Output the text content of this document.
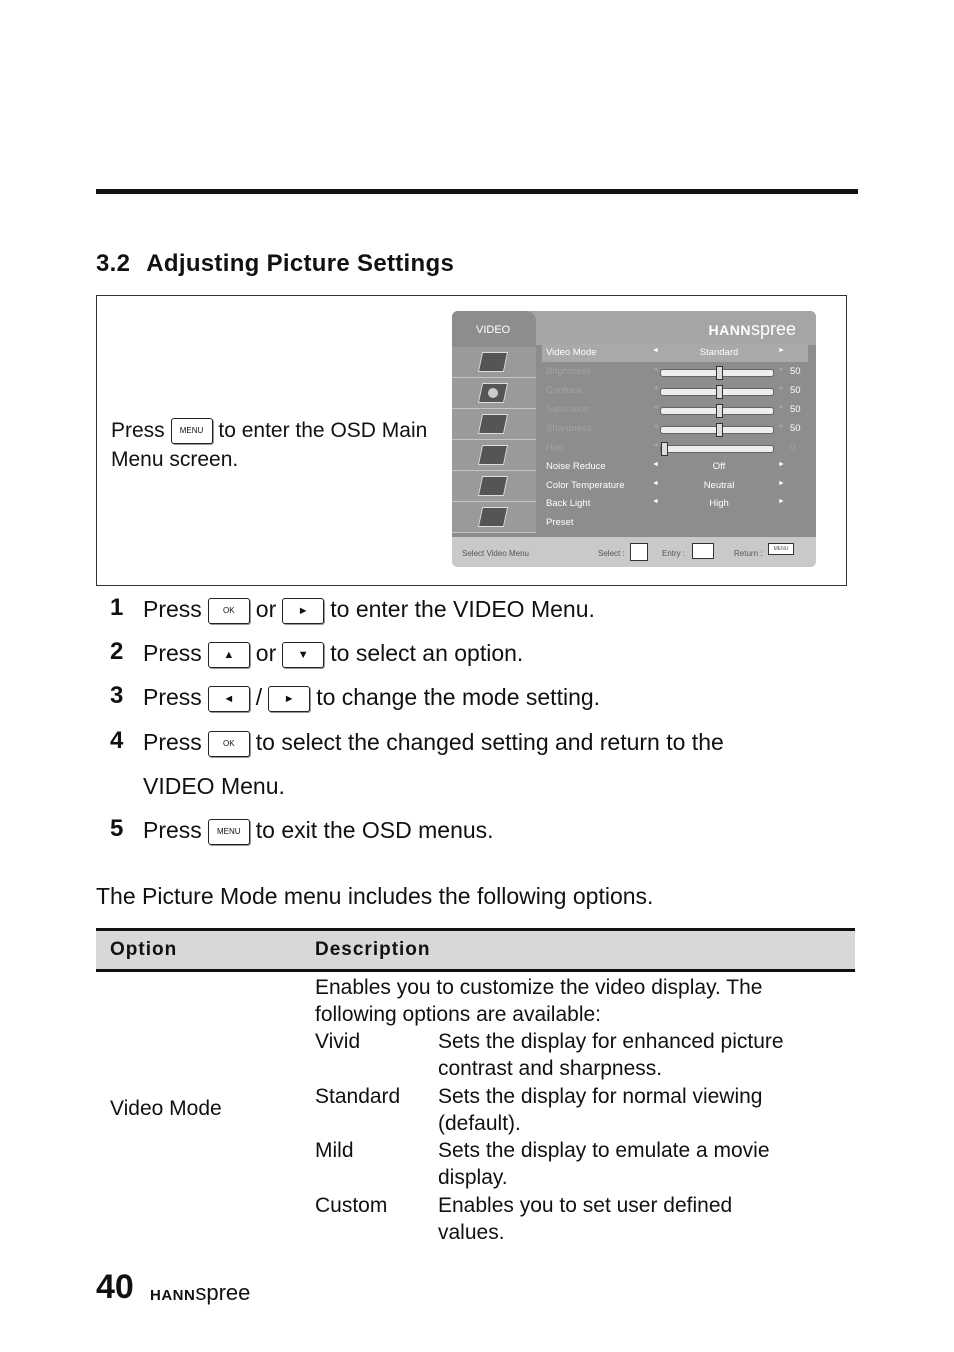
3.2 Adjusting Picture Settings
Press MENU to enter the OSD Main Menu screen.
VIDEO	HANNspree
Video Mode	◄	Standard	►
Brightness	◄	► 50
Contrast	◄	► 50
Saturation	◄	► 50
Sharpness	◄	► 50
Hue	◄	0
Noise Reduce	◄	Off	►
Color Temperature	◄	Neutral	►
Back Light	◄	High	►
Preset
Select Video Menu	Select :	Entry :	Return :	MENU
1 Press	OK or ► to enter the VIDEO Menu.
2 Press ▲ or ▼ to select an option.
3 Press ◄ / ► to change the mode setting.
4 Press	OK to select the changed setting and return to the
VIDEO Menu.
5 Press MENU to exit the OSD menus.
The Picture Mode menu includes the following options.
Option	Description
Video Mode
Enables you to customize the video display. The
following options are available:
Vivid	Sets the display for enhanced picture
contrast and sharpness.
Standard Sets the display for normal viewing
(default).
Mild	Sets the display to emulate a movie
display.
Custom Enables you to set user defined
values.
40 HANNspree
